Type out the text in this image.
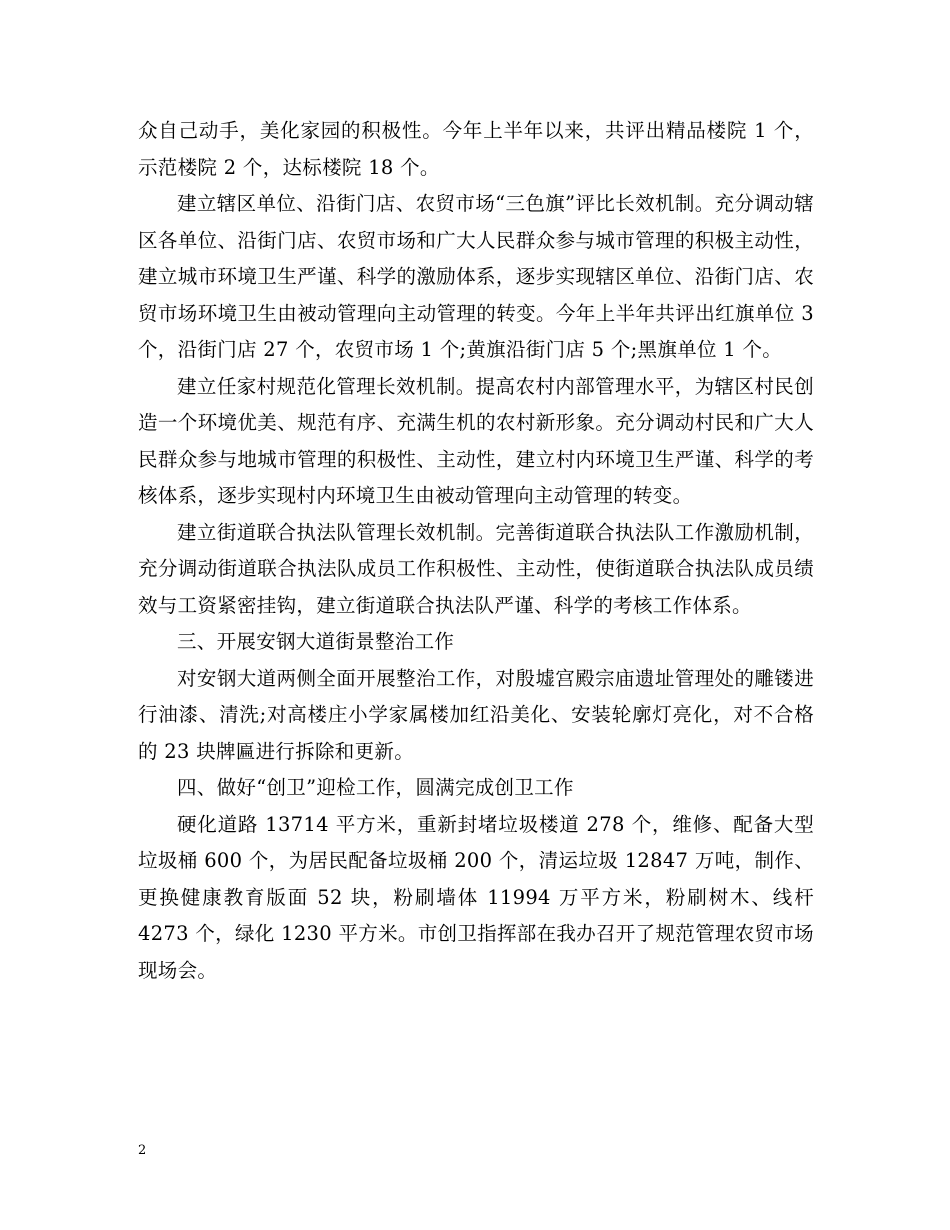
众自己动手，美化家园的积极性。今年上半年以来，共评出精品楼院 1 个，示范楼院 2 个，达标楼院 18 个。

建立辖区单位、沿街门店、农贸市场“三色旗”评比长效机制。充分调动辖区各单位、沿街门店、农贸市场和广大人民群众参与城市管理的积极主动性，建立城市环境卫生严谨、科学的激励体系，逐步实现辖区单位、沿街门店、农贸市场环境卫生由被动管理向主动管理的转变。今年上半年共评出红旗单位 3 个，沿街门店 27 个，农贸市场 1 个;黄旗沿街门店 5 个;黑旗单位 1 个。

建立任家村规范化管理长效机制。提高农村内部管理水平，为辖区村民创造一个环境优美、规范有序、充满生机的农村新形象。充分调动村民和广大人民群众参与地城市管理的积极性、主动性，建立村内环境卫生严谨、科学的考核体系，逐步实现村内环境卫生由被动管理向主动管理的转变。

建立街道联合执法队管理长效机制。完善街道联合执法队工作激励机制，充分调动街道联合执法队成员工作积极性、主动性，使街道联合执法队成员绩效与工资紧密挂钩，建立街道联合执法队严谨、科学的考核工作体系。

三、开展安钢大道街景整治工作

对安钢大道两侧全面开展整治工作，对殷墟宫殿宗庙遗址管理处的雕镂进行油漆、清洗;对高楼庄小学家属楼加红沿美化、安装轮廓灯亮化，对不合格的 23 块牌匾进行拆除和更新。

四、做好“创卫”迎检工作，圆满完成创卫工作

硬化道路 13714 平方米，重新封堵垃圾楼道 278 个，维修、配备大型垃圾桶 600 个，为居民配备垃圾桶 200 个，清运垃圾 12847 万吨，制作、更换健康教育版面 52 块，粉刷墙体 11994 万平方米，粉刷树木、线杆 4273 个，绿化 1230 平方米。市创卫指挥部在我办召开了规范管理农贸市场现场会。

2
